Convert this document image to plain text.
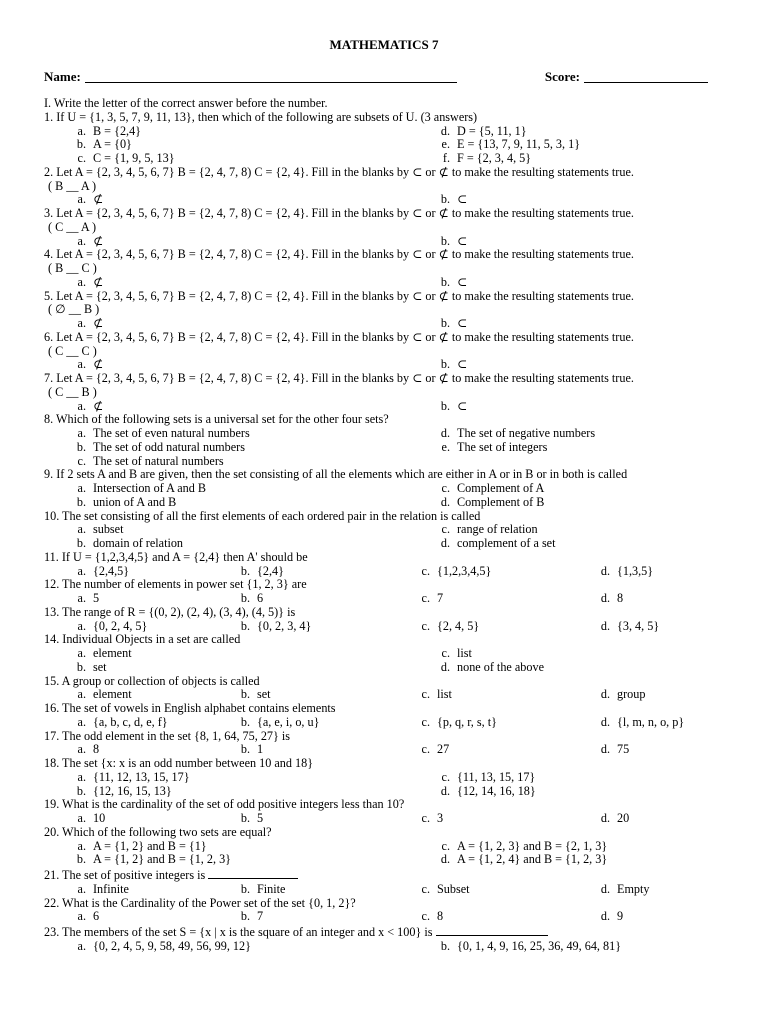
MATHEMATICS 7
Name:	Score:
I. Write the letter of the correct answer before the number.
1. If U = {1, 3, 5, 7, 9, 11, 13}, then which of the following are subsets of U. (3 answers)
a. B = {2,4}	d. D = {5, 11, 1}
b. A = {0}	e. E = {13, 7, 9, 11, 5, 3, 1}
c. C = {1, 9, 5, 13}	f. F = {2, 3, 4, 5}
2. Let A = {2, 3, 4, 5, 6, 7} B = {2, 4, 7, 8) C = {2, 4}. Fill in the blanks by ⊂ or ⊄ to make the resulting statements true.
( B __ A )
a. ⊄	b. ⊂
3. Let A = {2, 3, 4, 5, 6, 7} B = {2, 4, 7, 8) C = {2, 4}. Fill in the blanks by ⊂ or ⊄ to make the resulting statements true.
( C __ A )
a. ⊄	b. ⊂
4. Let A = {2, 3, 4, 5, 6, 7} B = {2, 4, 7, 8) C = {2, 4}. Fill in the blanks by ⊂ or ⊄ to make the resulting statements true.
( B __ C )
a. ⊄	b. ⊂
5. Let A = {2, 3, 4, 5, 6, 7} B = {2, 4, 7, 8) C = {2, 4}. Fill in the blanks by ⊂ or ⊄ to make the resulting statements true.
( ∅ __ B )
a. ⊄	b. ⊂
6. Let A = {2, 3, 4, 5, 6, 7} B = {2, 4, 7, 8) C = {2, 4}. Fill in the blanks by ⊂ or ⊄ to make the resulting statements true.
( C __ C )
a. ⊄	b. ⊂
7. Let A = {2, 3, 4, 5, 6, 7} B = {2, 4, 7, 8) C = {2, 4}. Fill in the blanks by ⊂ or ⊄ to make the resulting statements true.
( C __ B )
a. ⊄	b. ⊂
8. Which of the following sets is a universal set for the other four sets?
a. The set of even natural numbers	d. The set of negative numbers
b. The set of odd natural numbers	e. The set of integers
c. The set of natural numbers
9. If 2 sets A and B are given, then the set consisting of all the elements which are either in A or in B or in both is called
a. Intersection of A and B	c. Complement of A
b. union of A and B	d. Complement of B
10. The set consisting of all the first elements of each ordered pair in the relation is called
a. subset	c. range of relation
b. domain of relation	d. complement of a set
11. If U = {1,2,3,4,5} and A = {2,4} then A' should be
a. {2,4,5}	b. {2,4}	c. {1,2,3,4,5}	d. {1,3,5}
12. The number of elements in power set {1, 2, 3} are
a. 5	b. 6	c. 7	d. 8
13. The range of R = {(0, 2), (2, 4), (3, 4), (4, 5)} is
a. {0, 2, 4, 5}	b. {0, 2, 3, 4}	c. {2, 4, 5}	d. {3, 4, 5}
14. Individual Objects in a set are called
a. element	c. list
b. set	d. none of the above
15. A group or collection of objects is called
a. element	b. set	c. list	d. group
16. The set of vowels in English alphabet contains elements
a. {a, b, c, d, e, f}	b. {a, e, i, o, u}	c. {p, q, r, s, t}	d. {l, m, n, o, p}
17. The odd element in the set {8, 1, 64, 75, 27} is
a. 8	b. 1	c. 27	d. 75
18. The set {x: x is an odd number between 10 and 18}
a. {11, 12, 13, 15, 17}	c. {11, 13, 15, 17}
b. {12, 16, 15, 13}	d. {12, 14, 16, 18}
19. What is the cardinality of the set of odd positive integers less than 10?
a. 10	b. 5	c. 3	d. 20
20. Which of the following two sets are equal?
a. A = {1, 2} and B = {1}	c. A = {1, 2, 3} and B = {2, 1, 3}
b. A = {1, 2} and B = {1, 2, 3}	d. A = {1, 2, 4} and B = {1, 2, 3}
21. The set of positive integers is
a. Infinite	b. Finite	c. Subset	d. Empty
22. What is the Cardinality of the Power set of the set {0, 1, 2}?
a. 6	b. 7	c. 8	d. 9
23. The members of the set S = {x | x is the square of an integer and x < 100} is
a. {0, 2, 4, 5, 9, 58, 49, 56, 99, 12}	b. {0, 1, 4, 9, 16, 25, 36, 49, 64, 81}
